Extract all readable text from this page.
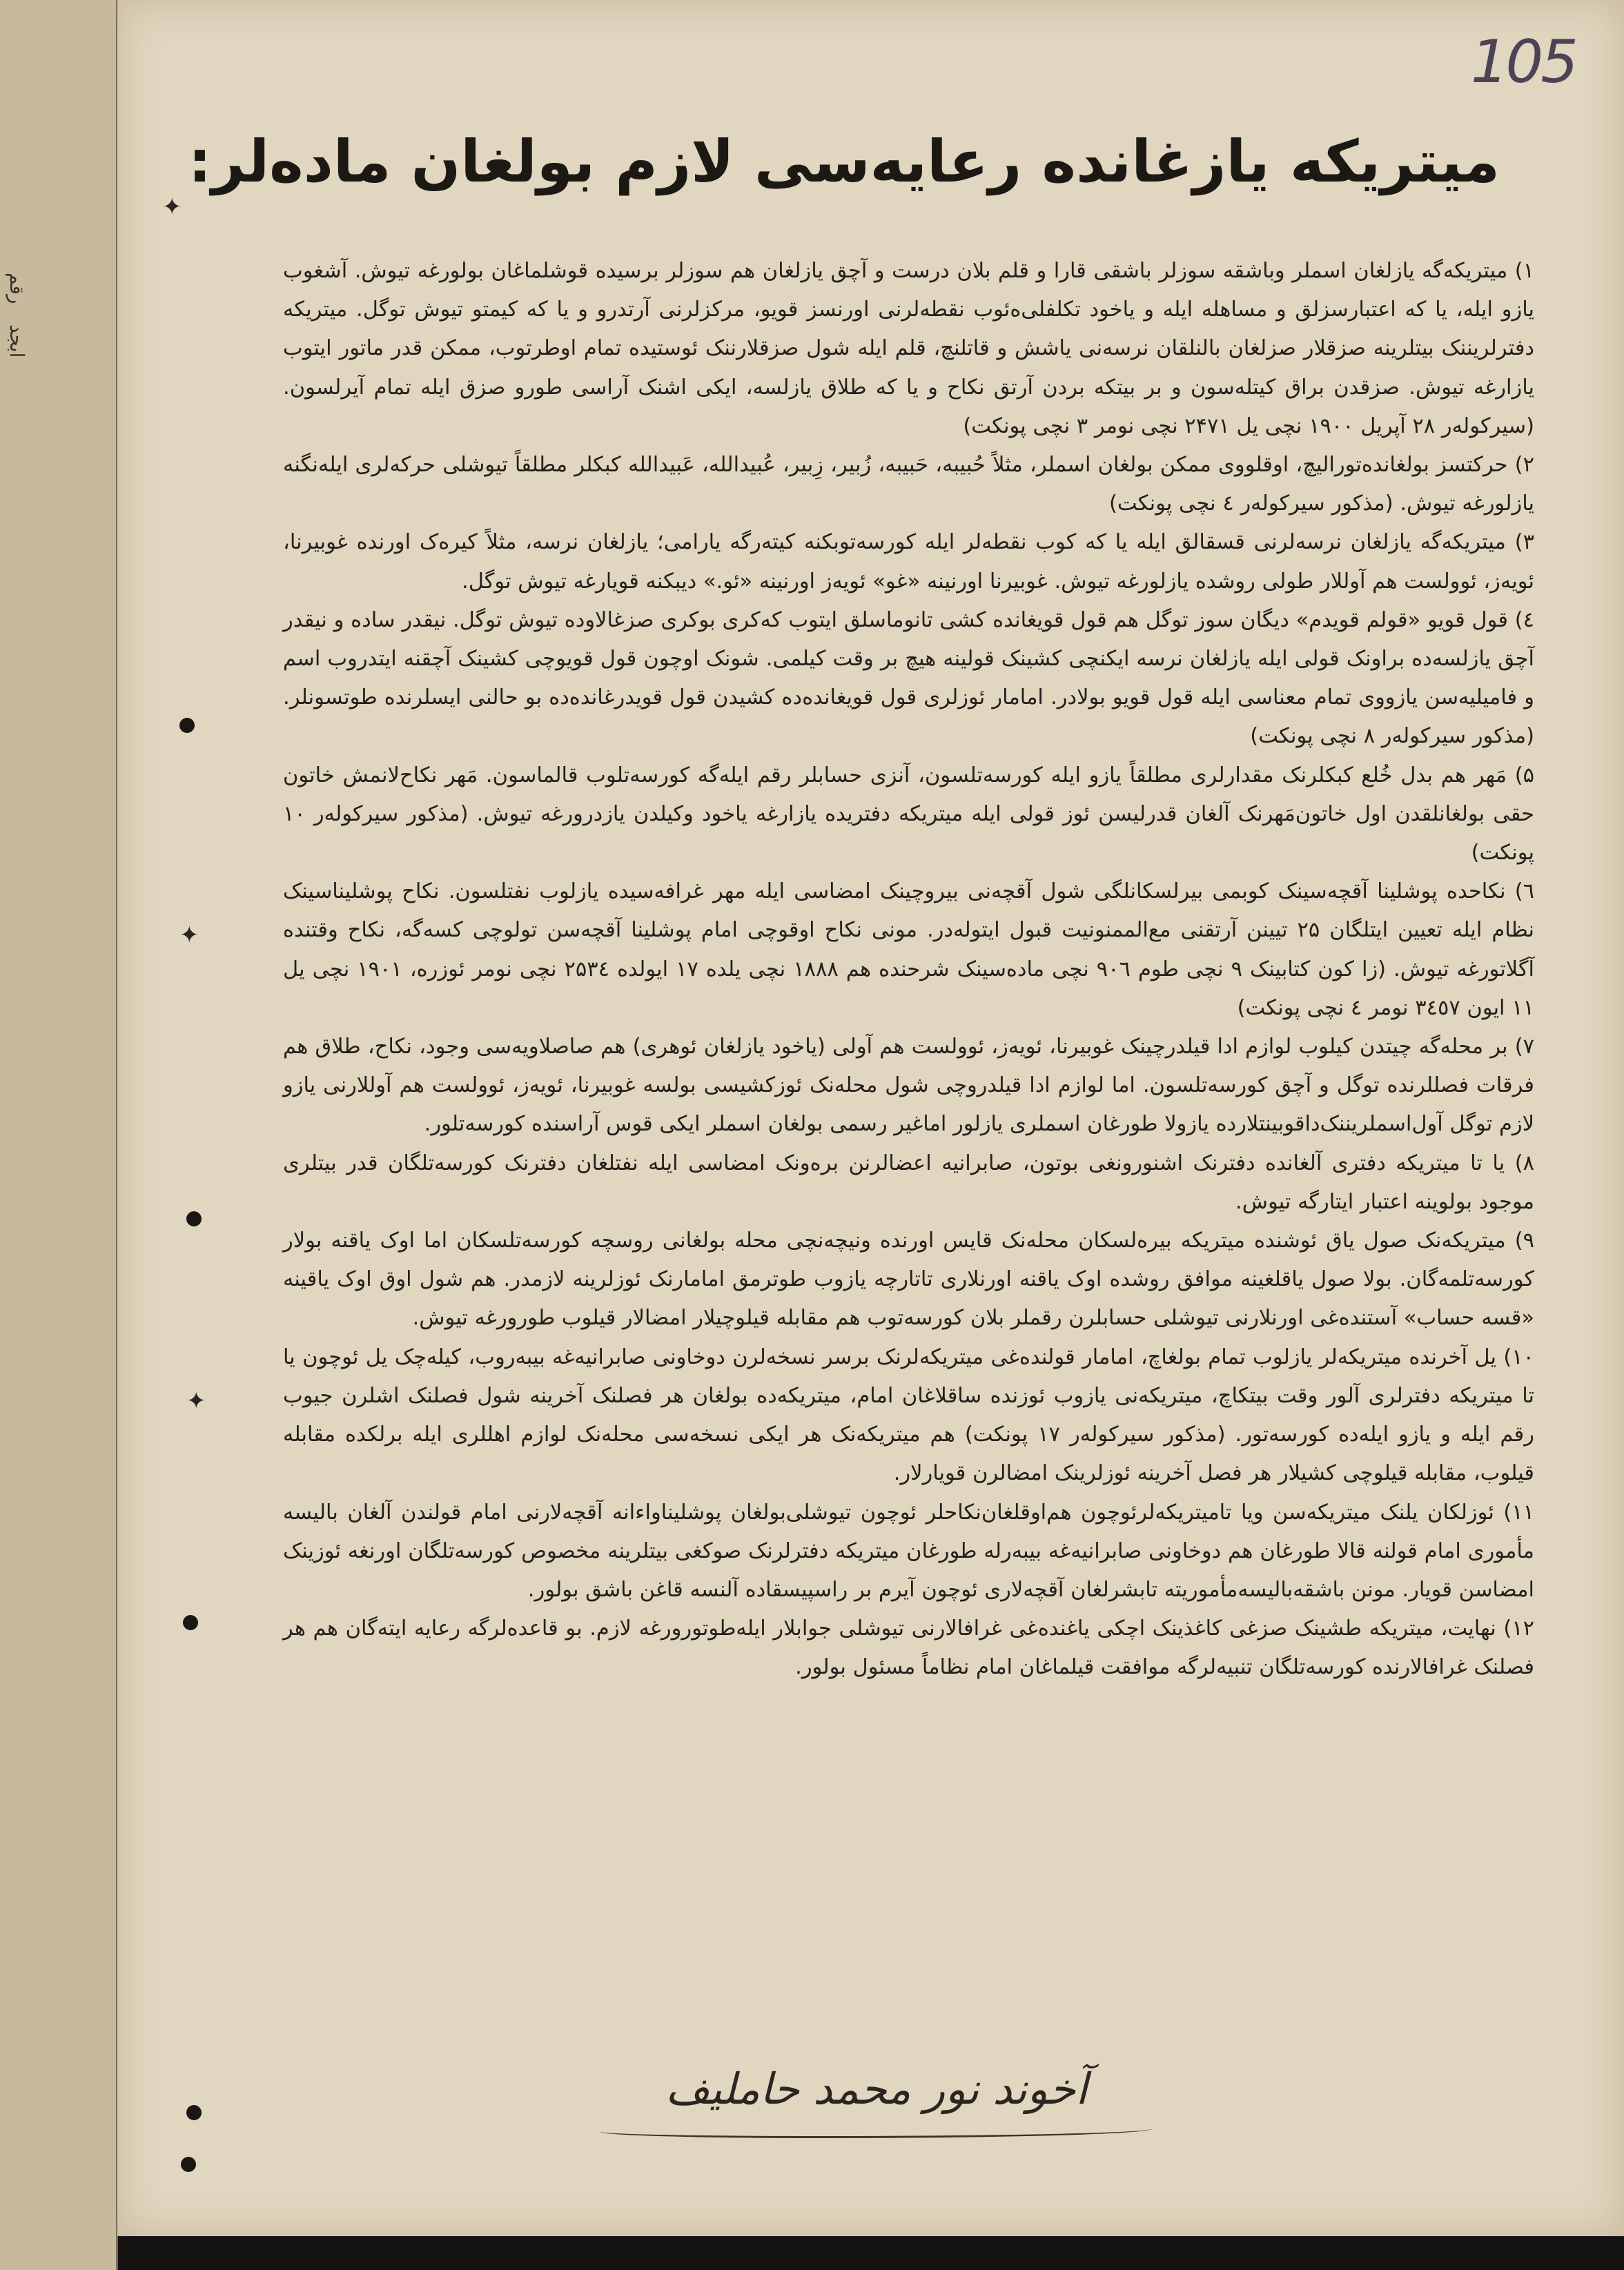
رقم
ابجد
105
میتریکه یازغانده رعایه‌سی لازم بولغان ماده‌لر:

۱) میتریکه‌گه یازلغان اسملر وباشقه سوزلر باشقی قارا و قلم بلان درست و آچق یازلغان هم سوزلر برسیده قوشلماغان بولورغه تیوش. آشغوب یازو ایله، یا که اعتبارسزلق و مساهله ایله و یاخود تکلفلی‌ه‌ئوب نقطه‌لرنی اورنسز قویو، مرکزلرنی آرتدرو و یا که کیمتو تیوش توگل. میتریکه دفترلریننک بیتلرینه صزقلار صزلغان بالنلقان نرسه‌نی یاشش و قاتلنچ، قلم ایله شول صزقلارننک ئوستیده تمام اوطرتوب، ممکن قدر ماتور ایتوب یازارغه تیوش. صزقدن براق کیتله‌سون و بر بیتکه بردن آرتق نکاح و یا که طلاق یازلسه، ایکی اشنک آراسی طورو صزق ایله تمام آیرلسون. (سیرکوله‌ر ۲۸ آپریل ۱۹۰۰ نچی یل ۲۴۷۱ نچی نومر ۳ نچی پونکت)

۲) حرکتسز بولغانده‌توراليچ، اوقلووی ممکن بولغان اسملر، مثلاً حُبیبه، حَبیبه، زُبیر، زِبیر، عُبیدالله، عَبیدالله کبکلر مطلقاً تیوشلی حرکه‌لری ایله‌نگنه یازلورغه تیوش. (مذکور سیرکوله‌ر ٤ نچی پونکت)

۳) میتریکه‌گه یازلغان نرسه‌لرنی قسقالق ایله یا که کوب نقطه‌لر ایله کورسه‌توبکنه کیته‌رگه یارامی؛ یازلغان نرسه، مثلاً کیره‌ک اورنده غوبیرنا، ئویه‌ز، ئوولست هم آوللار طولی روشده یازلورغه تیوش. غوبیرنا اورنینه «غو» ئویه‌ز اورنینه «ئو.» دیبکنه قویارغه تیوش توگل.

٤) قول قویو «قولم قویدم» دیگان سوز توگل هم قول قویغانده کشی تانوماسلق ایتوب که‌کری بوکری صزغالاوده تیوش توگل. نیقدر ساده و نیقدر آچق یازلسه‌ده براونک قولی ایله یازلغان نرسه ایکنچی کشینک قولینه هیچ بر وقت کیلمی. شونک اوچون قول قویوچی کشینک آچقنه ایتدروب اسم و فامیلیه‌سن یازووی تمام معناسی ایله قول قویو بولادر. امامار ئوزلری قول قویغانده‌ده کشیدن قول قویدرغانده‌ده بو حالنی ایسلرنده طوتسونلر. (مذکور سیرکوله‌ر ۸ نچی پونکت)

۵) مَهر هم بدل خُلع کبکلرنک مقدارلری مطلقاً یازو ایله کورسه‌تلسون، آنزی حسابلر رقم ایله‌گه کورسه‌تلوب قالماسون. مَهر نکاح‌لانمش خاتون حقی بولغانلقدن اول خاتون‌مَهرنک آلغان قدرلیسن ئوز قولی ایله میتریکه دفتریده یازارغه یاخود وکیلدن یازدرورغه تیوش. (مذکور سیرکوله‌ر ۱۰ پونکت)

٦) نکاحده پوشلینا آقچه‌سینک کوبمی بیرلسکانلگی شول آقچه‌نی بیروچینک امضاسی ایله مهر غرافه‌سیده یازلوب نفتلسون. نکاح پوشلیناسینک نظام ایله تعیین ایتلگان ۲۵ تیینن آرتقنی مع‌الممنونیت قبول ایتوله‌در. مونی نکاح اوقوچی امام پوشلینا آقچه‌سن تولوچی کسه‌گه، نکاح وقتنده آگلاتورغه تیوش. (زا کون کتابینک ۹ نچی طوم ۹۰٦ نچی ماده‌سینک شرحنده هم ۱۸۸۸ نچی یلده ۱۷ ایولده ۲۵۳٤ نچی نومر ئوزره، ۱۹۰۱ نچی یل ۱۱ ایون ۳٤٥۷ نومر ٤ نچی پونکت)

۷) بر محله‌گه چیتدن کیلوب لوازم ادا قیلدرچینک غوبیرنا، ئویه‌ز، ئوولست هم آولی (یاخود یازلغان ئوهری) هم صاصلاویه‌سی وجود، نکاح، طلاق هم فرقات فصللرنده توگل و آچق کورسه‌تلسون. اما لوازم ادا قیلدروچی شول محله‌نک ئوزکشیسی بولسه غوبیرنا، ئویه‌ز، ئوولست هم آوللارنی یازو لازم توگل آول‌اسملریننک‌داقوبینتلارده یازولا طورغان اسملری یازلور اماغیر رسمی بولغان اسملر ایکی قوس آراسنده کورسه‌تلور.

۸) یا تا میتریکه دفتری آلغانده دفترنک اشنورونغی بوتون، صابرانیه اعضالرنن بره‌ونک امضاسی ایله نفتلغان دفترنک کورسه‌تلگان قدر بیتلری موجود بولوینه اعتبار ایتارگه تیوش.

۹) میتریکه‌نک صول یاق ئوشنده میتریکه بیره‌لسکان محله‌نک قایس اورنده ونیچه‌نچی محله بولغانی روسچه کورسه‌تلسکان اما اوک یاقنه بولار کورسه‌تلمه‌گان. بولا صول یاقلغینه موافق روشده اوک یاقنه اورنلاری تاتارچه یازوب طوترمق امامارنک ئوزلرینه لازمدر. هم شول اوق اوک یاقینه «قسه‌ حساب» آستنده‌غی اورنلارنی تیوشلی حسابلرن رقملر بلان کورسه‌توب هم مقابله قیلوچیلار امضالار قیلوب طورورغه تیوش.

۱۰) یل آخرنده میتریکه‌لر یازلوب تمام بولغاچ، امامار قولنده‌غی میتریکه‌لرنک برسر نسخه‌لرن دوخاونی صابرانیه‌غه بیبه‌روب، کیله‌چک یل ئوچون یا تا میتریکه دفترلری آلور وقت بیتکاچ، میتریکه‌نی یازوب ئوزنده ساقلاغان امام، میتریکه‌ده بولغان هر فصلنک آخرینه شول فصلنک اشلرن جیوب رقم ایله و یازو ایله‌ده کورسه‌تور. (مذکور سیرکوله‌ر ۱۷ پونکت) هم میتریکه‌نک هر ایکی نسخه‌سی محله‌نک لوازم اهللری ایله برلکده مقابله قیلوب، مقابله قیلوچی کشیلار هر فصل آخرینه ئوزلرینک امضالرن قویارلار.

۱۱) ئوزلکان یلنک میتریکه‌سن ویا تامیتریکه‌لرئوچون هم‌اوقلغان‌نکاحلر ئوچون تیوشلی‌بولغان پوشلیناواءانه آقچه‌لارنی امام قولندن آلغان بالیسه مأموری امام قولنه قالا طورغان هم دوخاونی صابرانیه‌غه بیبه‌رله طورغان میتریکه دفترلرنک صوکغی بیتلرینه مخصوص کورسه‌تلگان اورنغه ئوزینک امضاسن قویار. مونن باشقه‌بالیسه‌مأموریته تابشرلغان آقچه‌لاری ئوچون آیرم بر راسپیسقاده آلنسه قاغن باشق بولور.

۱۲) نهایت، میتریکه طشینک صزغی کاغذینک اچکی یاغنده‌غی غرافالارنی تیوشلی جوابلار ایله‌طوتورورغه لازم. بو قاعده‌لرگه رعایه ایته‌گان هم هر فصلنک غرافالارنده کورسه‌تلگان تنبیه‌لرگه موافقت قیلماغان امام نظاماً مسئول بولور.

آخوند نور محمد حاملیف
✦
✦
✦
